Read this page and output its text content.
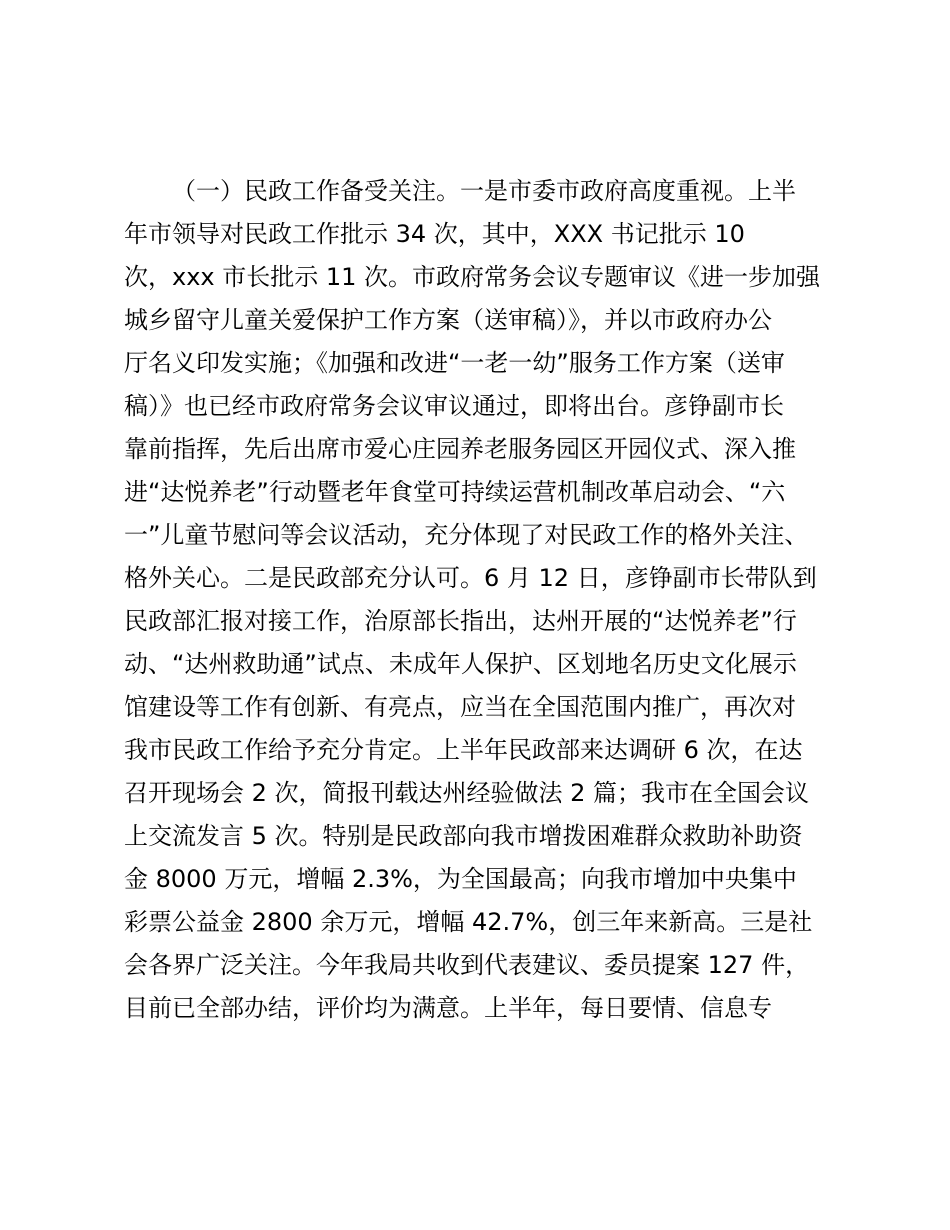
（一）民政工作备受关注。一是市委市政府高度重视。上半
年市领导对民政工作批示 34 次，其中，XXX 书记批示 10
次，xxx 市长批示 11 次。市政府常务会议专题审议《进一步加强
城乡留守儿童关爱保护工作方案（送审稿）》，并以市政府办公
厅名义印发实施；《加强和改进“一老一幼”服务工作方案（送审
稿）》也已经市政府常务会议审议通过，即将出台。彦铮副市长
靠前指挥，先后出席市爱心庄园养老服务园区开园仪式、深入推
进“达悦养老”行动暨老年食堂可持续运营机制改革启动会、“六
一”儿童节慰问等会议活动，充分体现了对民政工作的格外关注、
格外关心。二是民政部充分认可。6 月 12 日，彦铮副市长带队到
民政部汇报对接工作，治原部长指出，达州开展的“达悦养老”行
动、“达州救助通”试点、未成年人保护、区划地名历史文化展示
馆建设等工作有创新、有亮点，应当在全国范围内推广，再次对
我市民政工作给予充分肯定。上半年民政部来达调研 6 次，在达
召开现场会 2 次，简报刊载达州经验做法 2 篇；我市在全国会议
上交流发言 5 次。特别是民政部向我市增拨困难群众救助补助资
金 8000 万元，增幅 2.3%，为全国最高；向我市增加中央集中
彩票公益金 2800 余万元，增幅 42.7%，创三年来新高。三是社
会各界广泛关注。今年我局共收到代表建议、委员提案 127 件，
目前已全部办结，评价均为满意。上半年，每日要情、信息专
